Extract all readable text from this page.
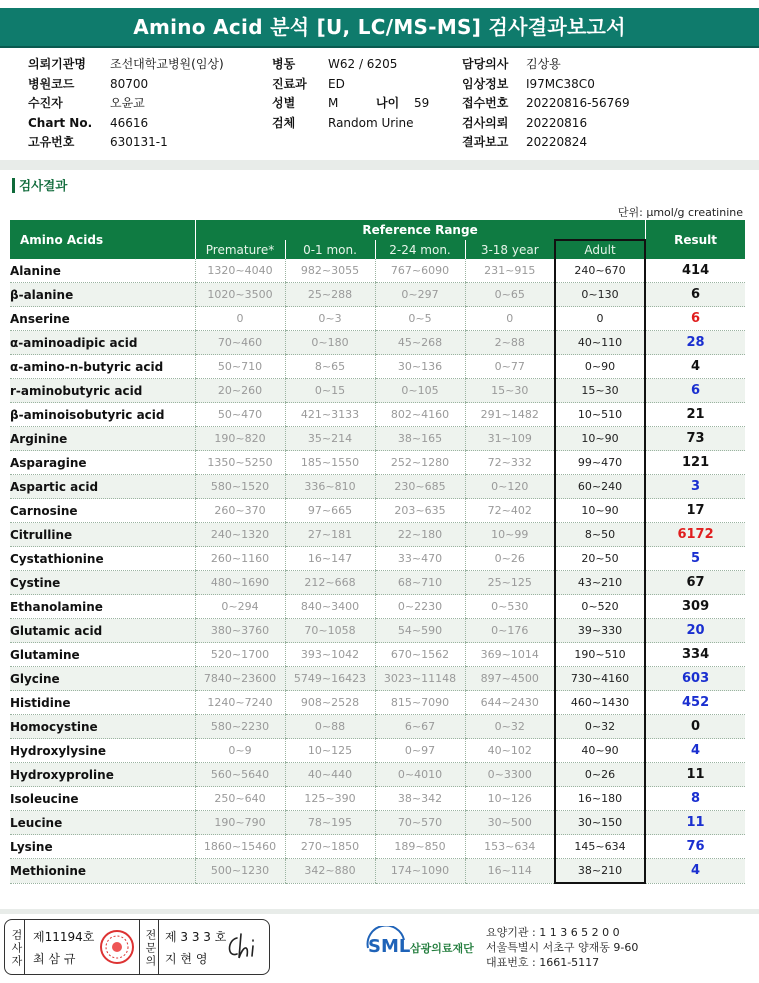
Amino Acid 분석 [U, LC/MS-MS] 검사결과보고서
의뢰기관명 조선대학교병원(임상)
병원코드	80700
수진자	오윤교
Chart No. 46616
고유번호	630131-1
병동	W62 / 6205
진료과 ED
성별	M	나이 59
검체	Random Urine
담당의사 김상용
임상정보 I97MC38C0
접수번호 20220816-56769
검사의뢰 20220816
결과보고 20220824
검사결과
단위: μmol/g creatinine
Amino Acids	Reference Range					Result
	Premature*	0-1 mon.	2-24 mon.	3-18 year	Adult	
Alanine	1320~4040	982~3055	767~6090	231~915	240~670	414
β-alanine	1020~3500	25~288	0~297	0~65	0~130	6
Anserine	0	0~3	0~5	0	0	6
α-aminoadipic acid	70~460	0~180	45~268	2~88	40~110	28
α-amino-n-butyric acid	50~710	8~65	30~136	0~77	0~90	4
r-aminobutyric acid	20~260	0~15	0~105	15~30	15~30	6
β-aminoisobutyric acid	50~470	421~3133	802~4160	291~1482	10~510	21
Arginine	190~820	35~214	38~165	31~109	10~90	73
Asparagine	1350~5250	185~1550	252~1280	72~332	99~470	121
Aspartic acid	580~1520	336~810	230~685	0~120	60~240	3
Carnosine	260~370	97~665	203~635	72~402	10~90	17
Citrulline	240~1320	27~181	22~180	10~99	8~50	6172
Cystathionine	260~1160	16~147	33~470	0~26	20~50	5
Cystine	480~1690	212~668	68~710	25~125	43~210	67
Ethanolamine	0~294	840~3400	0~2230	0~530	0~520	309
Glutamic acid	380~3760	70~1058	54~590	0~176	39~330	20
Glutamine	520~1700	393~1042	670~1562	369~1014	190~510	334
Glycine	7840~23600	5749~16423	3023~11148	897~4500	730~4160	603
Histidine	1240~7240	908~2528	815~7090	644~2430	460~1430	452
Homocystine	580~2230	0~88	6~67	0~32	0~32	0
Hydroxylysine	0~9	10~125	0~97	40~102	40~90	4
Hydroxyproline	560~5640	40~440	0~4010	0~3300	0~26	11
Isoleucine	250~640	125~390	38~342	10~126	16~180	8
Leucine	190~790	78~195	70~570	30~500	30~150	11
Lysine	1860~15460	270~1850	189~850	153~634	145~634	76
Methionine	500~1230	342~880	174~1090	16~114	38~210	4
검사자 제11194호
최 삼 규	전문의 제 3 3 3 호
지 현 영
SML 삼광의료재단
요양기관 : 1 1 3 6 5 2 0 0
서울특별시 서초구 양재동 9-60
대표번호 : 1661-5117
